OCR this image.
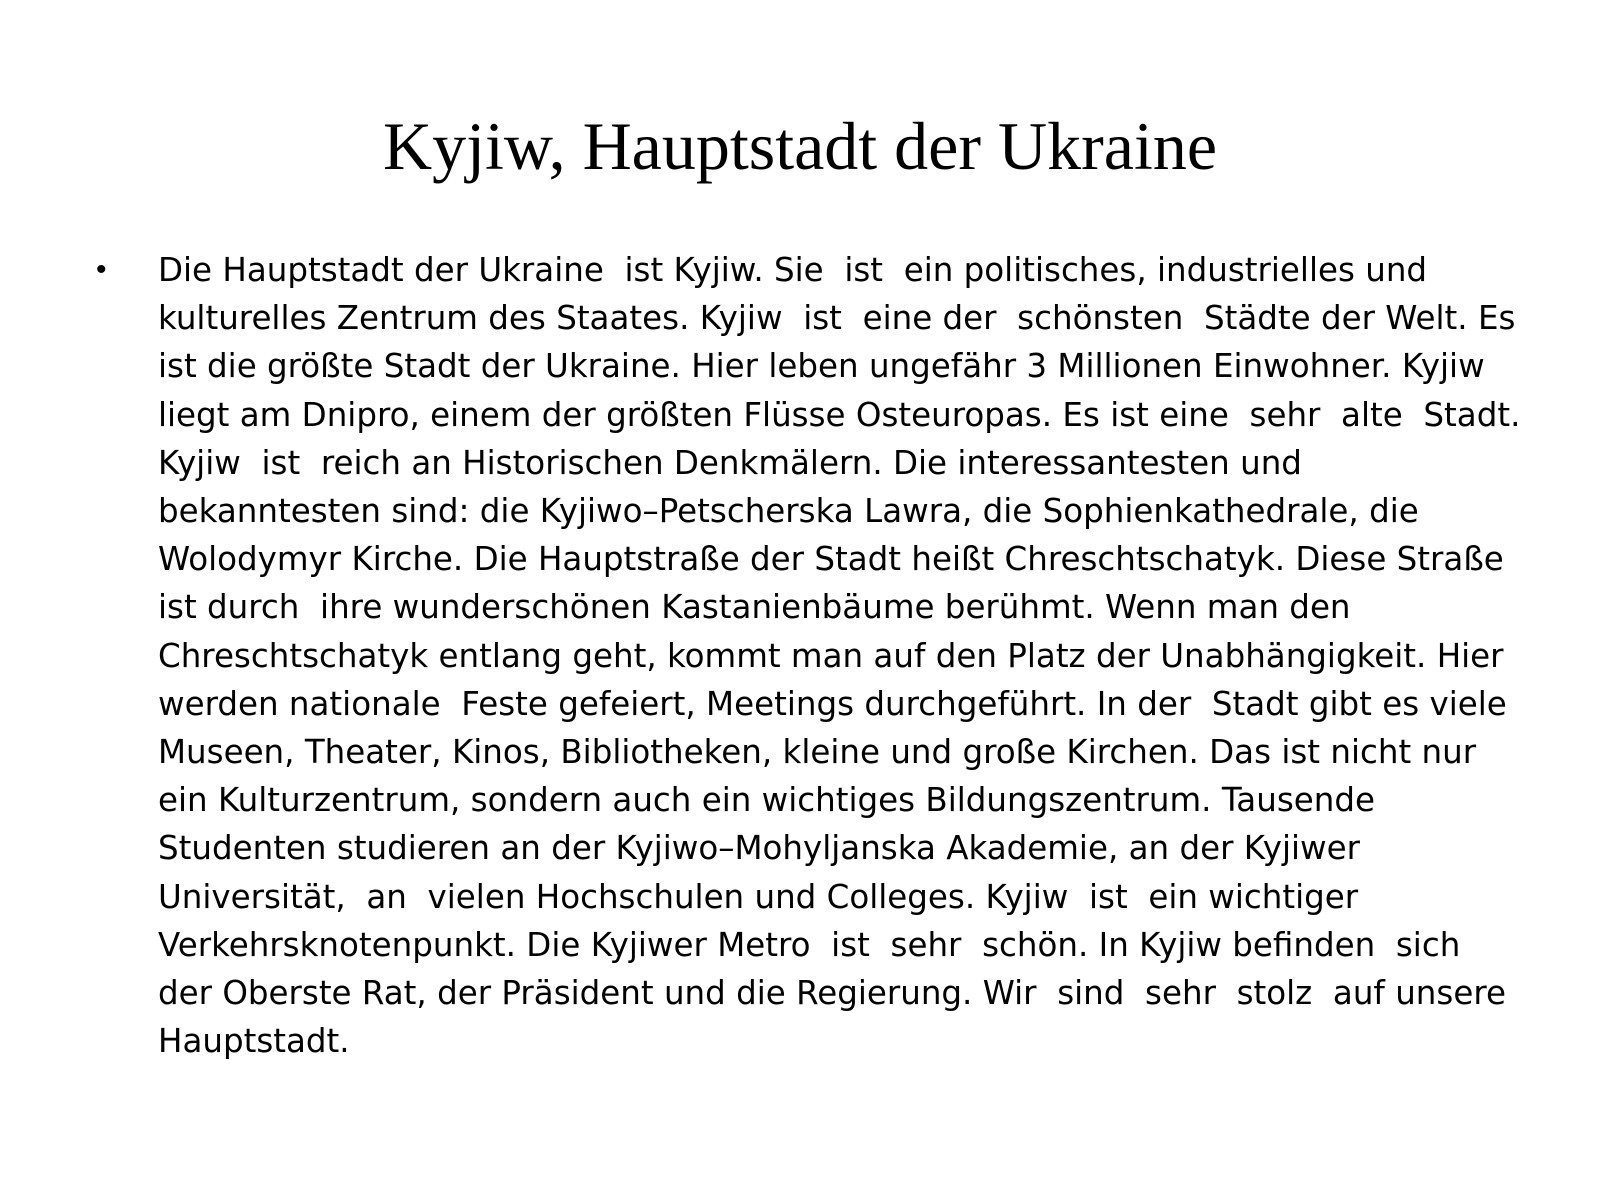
Kyjiw, Hauptstadt der Ukraine
• Die Hauptstadt der Ukraine  ist Kyjiw. Sie  ist  ein politisches, industrielles und
kulturelles Zentrum des Staates. Kyjiw  ist  eine der  schönsten  Städte der Welt. Es
ist die größte Stadt der Ukraine. Hier leben ungefähr 3 Millionen Einwohner. Kyjiw
liegt am Dnipro, einem der größten Flüsse Osteuropas. Es ist eine  sehr  alte  Stadt.
Kyjiw  ist  reich an Historischen Denkmälern. Die interessantesten und
bekanntesten sind: die Kyjiwo–Petscherska Lawra, die Sophienkathedrale, die
Wolodymyr Kirche. Die Hauptstraße der Stadt heißt Chreschtschatyk. Diese Straße
ist durch  ihre wunderschönen Kastanienbäume berühmt. Wenn man den
Chreschtschatyk entlang geht, kommt man auf den Platz der Unabhängigkeit. Hier
werden nationale  Feste gefeiert, Meetings durchgeführt. In der  Stadt gibt es viele
Museen, Theater, Kinos, Bibliotheken, kleine und große Kirchen. Das ist nicht nur
ein Kulturzentrum, sondern auch ein wichtiges Bildungszentrum. Tausende
Studenten studieren an der Kyjiwo–Mohyljanska Akademie, an der Kyjiwer
Universität,  an  vielen Hochschulen und Colleges. Kyjiw  ist  ein wichtiger
Verkehrsknotenpunkt. Die Kyjiwer Metro  ist  sehr  schön. In Kyjiw befinden  sich
der Oberste Rat, der Präsident und die Regierung. Wir  sind  sehr  stolz  auf unsere
Hauptstadt.
